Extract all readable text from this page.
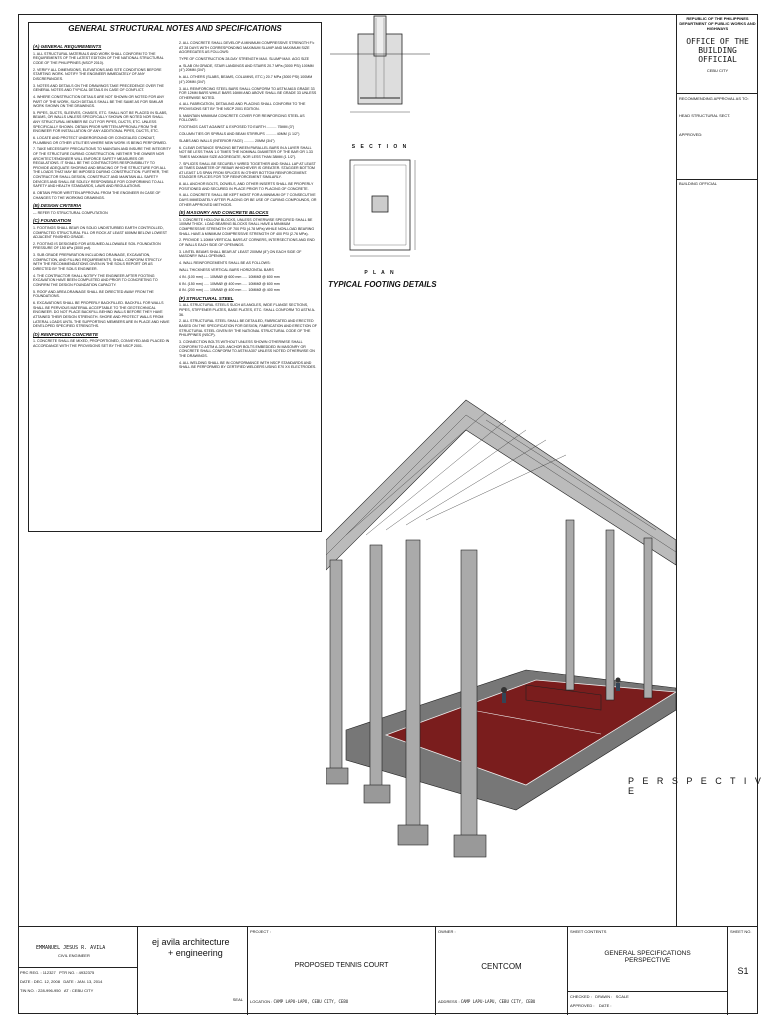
GENERAL STRUCTURAL NOTES AND SPECIFICATIONS
(A) GENERAL REQUIREMENTS
1. ALL STRUCTURAL MATERIALS AND WORK SHALL CONFORM TO THE REQUIREMENTS OF THE LATEST EDITION OF THE NATIONAL STRUCTURAL CODE OF THE PHILIPPINES (NSCP 2010).
2. VERIFY ALL DIMENSIONS, ELEVATIONS AND SITE CONDITIONS BEFORE STARTING WORK. NOTIFY THE ENGINEER IMMEDIATELY OF ANY DISCREPANCIES.
3. NOTES AND DETAILS ON THE DRAWINGS TAKE PRECEDENCE OVER THE GENERAL NOTES AND TYPICAL DETAILS IN CASE OF CONFLICT.
4. WHERE CONSTRUCTION DETAILS ARE NOT SHOWN OR NOTED FOR ANY PART OF THE WORK, SUCH DETAILS SHALL BE THE SAME AS FOR SIMILAR WORK SHOWN ON THE DRAWINGS.
5. PIPES, DUCTS, SLEEVES, CHASES, ETC. SHALL NOT BE PLACED IN SLABS, BEAMS, OR WALLS UNLESS SPECIFICALLY SHOWN OR NOTED NOR SHALL ANY STRUCTURAL MEMBER BE CUT FOR PIPES, DUCTS, ETC. UNLESS SPECIFICALLY SHOWN. OBTAIN PRIOR WRITTEN APPROVAL FROM THE ENGINEER FOR INSTALLATION OF ANY ADDITIONAL PIPES, DUCTS, ETC.
6. LOCATE AND PROTECT UNDERGROUND OR CONCEALED CONDUIT, PLUMBING OR OTHER UTILITIES WHERE NEW WORK IS BEING PERFORMED.
7. TAKE NECESSARY PRECAUTIONS TO MAINTAIN AND INSURE THE INTEGRITY OF THE STRUCTURE DURING CONSTRUCTION. NEITHER THE OWNER NOR ARCHITECT/ENGINEER WILL ENFORCE SAFETY MEASURES OR REGULATIONS. IT SHALL BE THE CONTRACTORS RESPONSIBILITY TO PROVIDE ADEQUATE SHORING AND BRACING OF THE STRUCTURE FOR ALL THE LOADS THAT MAY BE IMPOSED DURING CONSTRUCTION. FURTHER, THE CONTRACTOR SHALL DESIGN, CONSTRUCT AND MAINTAIN ALL SAFETY DEVICES AND SHALL BE SOLELY RESPONSIBLE FOR CONFORMING TO ALL SAFETY AND HEALTH STANDARDS, LAWS AND REGULATIONS.
8. OBTAIN PRIOR WRITTEN APPROVAL FROM THE ENGINEER IN CASE OF CHANGES TO THE WORKING DRAWINGS.
(B) DESIGN CRITERIA
--- REFER TO STRUCTURAL COMPUTATION
(C) FOUNDATION
1. FOOTINGS SHALL BEAR ON SOLID UNDISTURBED EARTH CONTROLLED, COMPACTED STRUCTURAL FILL OR ROCK AT LEAST 600MM BELOW LOWEST ADJACENT FINISHED GRADE.
2. FOOTING IS DESIGNED FOR ASSUMED ALLOWABLE SOIL FOUNDATION PRESSURE OF 150 kPa (3000 psf).
3. SUB GRADE PREPARATION INCLUDING DRAINAGE, EXCAVATION, COMPACTION, AND FILLING REQUIREMENTS, SHALL CONFORM STRICTLY WITH THE RECOMMENDATIONS GIVEN IN THE SOILS REPORT OR AS DIRECTED BY THE SOILS ENGINEER.
4. THE CONTRACTOR SHALL NOTIFY THE ENGINEER AFTER FOOTING EXCAVATION HAVE BEEN COMPLETED AND PRIOR TO CONCRETING TO CONFIRM THE DESIGN FOUNDATION CAPACITY.
5. ROOF AND AREA DRAINAGE SHALL BE DIRECTED AWAY FROM THE FOUNDATIONS.
6. EXCAVATIONS SHALL BE PROPERLY BACKFILLED. BACKFILL FOR WALLS SHALL BE PERVIOUS MATERIAL ACCEPTABLE TO THE GEOTECHNICAL ENGINEER. DO NOT PLACE BACKFILL BEHIND WALLS BEFORE THEY HAVE ATTAINED THEIR DESIGN STRENGTH. SHORE AND PROTECT WALLS FROM LATERAL LOADS UNTIL THE SUPPORTING MEMBERS ARE IN PLACE AND HAVE DEVELOPED SPECIFIED STRENGTHS.
(D) REINFORCED CONCRETE
1. CONCRETE SHALL BE MIXED, PROPORTIONED, CONVEYED AND PLACED IN ACCORDANCE WITH THE PROVISIONS SET BY THE NSCP 2001.
2. ALL CONCRETE SHALL DEVELOP A MINIMUM COMPRESSIVE STRENGTH F'c AT 28 DAYS WITH CORRESPONDING MAXIMUM SLUMP AND MAXIMUM SIZE AGGREGATES AS FOLLOWS:
TYPE OF CONSTRUCTION 28-DAY STRENGTH MAX. SLUMP MAX. AGG SIZE
a. SLAB ON GRADE, STAIR LANDINGS AND STAIRS 20.7 MPa (3000 PSI) 100MM (4") 20MM (3/4")
b. ALL OTHERS (SLABS, BEAMS, COLUMNS, ETC.) 20.7 MPa (3000 PSI) 100MM (4") 20MM (3/4")
3. ALL REINFORCING STEEL BARS SHALL CONFORM TO ASTM A615 GRADE 33 FOR 12MM BARS WHILE BARS 16MM AND ABOVE SHALL BE GRADE 33 UNLESS OTHERWISE NOTED.
4. ALL FABRICATION, DETAILING AND PLACING SHALL CONFORM TO THE PROVISIONS SET BY THE NSCP 2001 EDITION.
5. MAINTAIN MINIMUM CONCRETE COVER FOR REINFORCING STEEL AS FOLLOWS:
FOOTINGS CAST AGAINST & EXPOSED TO EARTH .......... 75MM (3")
COLUMN TIES OR SPIRALS AND BEAM STIRRUPS .......... 40MM (1 1/2")
SLABS AND WALLS (INTERIOR FACE) .......... 20MM (3/4")
6. CLEAR DISTANCE SPACING BETWEEN PARALLEL BARS IN A LAYER SHALL NOT BE LESS THAN 1.0 TIMES THE NOMINAL DIAMETER OF THE BAR OR 1.33 TIMES MAXIMUM SIZE AGGREGATE, NOR LESS THAN 38MM (1 1/2").
7. SPLICES SHALL BE SECURELY WIRED TOGETHER AND SHALL LAP AT LEAST 40 TIMES DIAMETER OF REBAR WHICHEVER IS GREATER. STAGGER BOTTOM AT LEAST 1/3 SPAN FROM SPLICES IN OTHER BOTTOM REINFORCEMENT. STAGGER SPLICES FOR TOP REINFORCEMENT SIMILARLY.
8. ALL ANCHOR BOLTS, DOWELS, AND OTHER INSERTS SHALL BE PROPERLY POSITIONED AND SECURED IN PLACE PRIOR TO PLACING OF CONCRETE.
9. ALL CONCRETE SHALL BE KEPT MOIST FOR A MINIMUM OF 7 CONSECUTIVE DAYS IMMEDIATELY AFTER PLACING OR BE USE OF CURING COMPOUNDS, OR OTHER APPROVED METHODS.
(E) MASONRY AND CONCRETE BLOCKS
1. CONCRETE HOLLOW BLOCKS, UNLESS OTHERWISE SPECIFIED SHALL BE 100MM THICK. LOAD BEARING BLOCKS SHALL HAVE A MINIMUM COMPRESSIVE STRENGTH OF 700 PSI (4.78 MPa) WHILE NON-LOAD BEARING SHALL HAVE A MINIMUM COMPRESSIVE STRENGTH OF 400 PSI (2.76 MPa).
2. PROVIDE 1-10MM VERTICAL BARS AT CORNERS, INTERSECTIONS AND END OF WALLS EACH SIDE OF OPENINGS.
3. LINTEL BEAMS SHALL BEAR AT LEAST 200MM (8") ON EACH SIDE OF MASONRY WALL OPENING.
4. WALL REINFORCEMENTS SHALL BE AS FOLLOWS:
WALL THICKNESS VERTICAL BARS HORIZONTAL BARS
4 IN. (100 mm) ..... 10MMØ @ 600 mm ..... 10MMØ @ 600 mm
6 IN. (150 mm) ..... 10MMØ @ 400 mm ..... 10MMØ @ 600 mm
8 IN. (200 mm) ..... 10MMØ @ 400 mm ..... 10MMØ @ 400 mm
(F) STRUCTURAL STEEL
1. ALL STRUCTURAL STEELS SUCH AS ANGLES, WIDE FLANGE SECTIONS, PIPES, STIFFENER PLATES, BASE PLATES, ETC. SHALL CONFORM TO ASTM A-36.
2. ALL STRUCTURAL STEEL SHALL BE DETAILED, FABRICATED AND ERECTED BASED ON THE SPECIFICATION FOR DESIGN, FABRICATION AND ERECTION OF STRUCTURAL STEEL GIVEN BY THE NATIONAL STRUCTURAL CODE OF THE PHILIPPINES (NSCP).
3. CONNECTION BOLTS WITHOUT UNLESS SHOWN OTHERWISE SHALL CONFORM TO ASTM A-325. ANCHOR BOLTS EMBEDDED IN MASONRY OR CONCRETE SHALL CONFORM TO ASTM A307 UNLESS NOTED OTHERWISE ON THE DRAWINGS.
4. ALL WELDING SHALL BE IN CONFORMANCE WITH NSCP STANDARDS AND SHALL BE PERFORMED BY CERTIFIED WELDERS USING E70 XX ELECTRODES.
S E C T I O N
P L A N
TYPICAL FOOTING DETAILS
P E R S P E C T I V E
REPUBLIC OF THE PHILIPPINES
DEPARTMENT OF PUBLIC WORKS AND HIGHWAYS
OFFICE OF THE BUILDING OFFICIAL
CEBU CITY
RECOMMENDING APPROVAL AS TO:
HEAD STRUCTURAL SECT.
APPROVED:
BUILDING OFFICIAL
EMMANUEL JESUS R. AVILA
CIVIL ENGINEER
PRC REG. : 112327 PTR NO. : 4932375
DATE : DEC. 12, 2008 DATE : JAN. 13, 2014
TIN NO. : 228-996-950 AT : CEBU CITY
ej avila architecture
+ engineering
SEAL
PROJECT :
PROPOSED TENNIS COURT
LOCATION : CAMP LAPU-LAPU, CEBU CITY, CEBU
OWNER :
CENTCOM
ADDRESS : CAMP LAPU-LAPU, CEBU CITY, CEBU
SHEET CONTENTS
GENERAL SPECIFICATIONS PERSPECTIVE
CHECKED : DRAWN : SCALE
APPROVED : DATE :
SHEET NO.
S1
